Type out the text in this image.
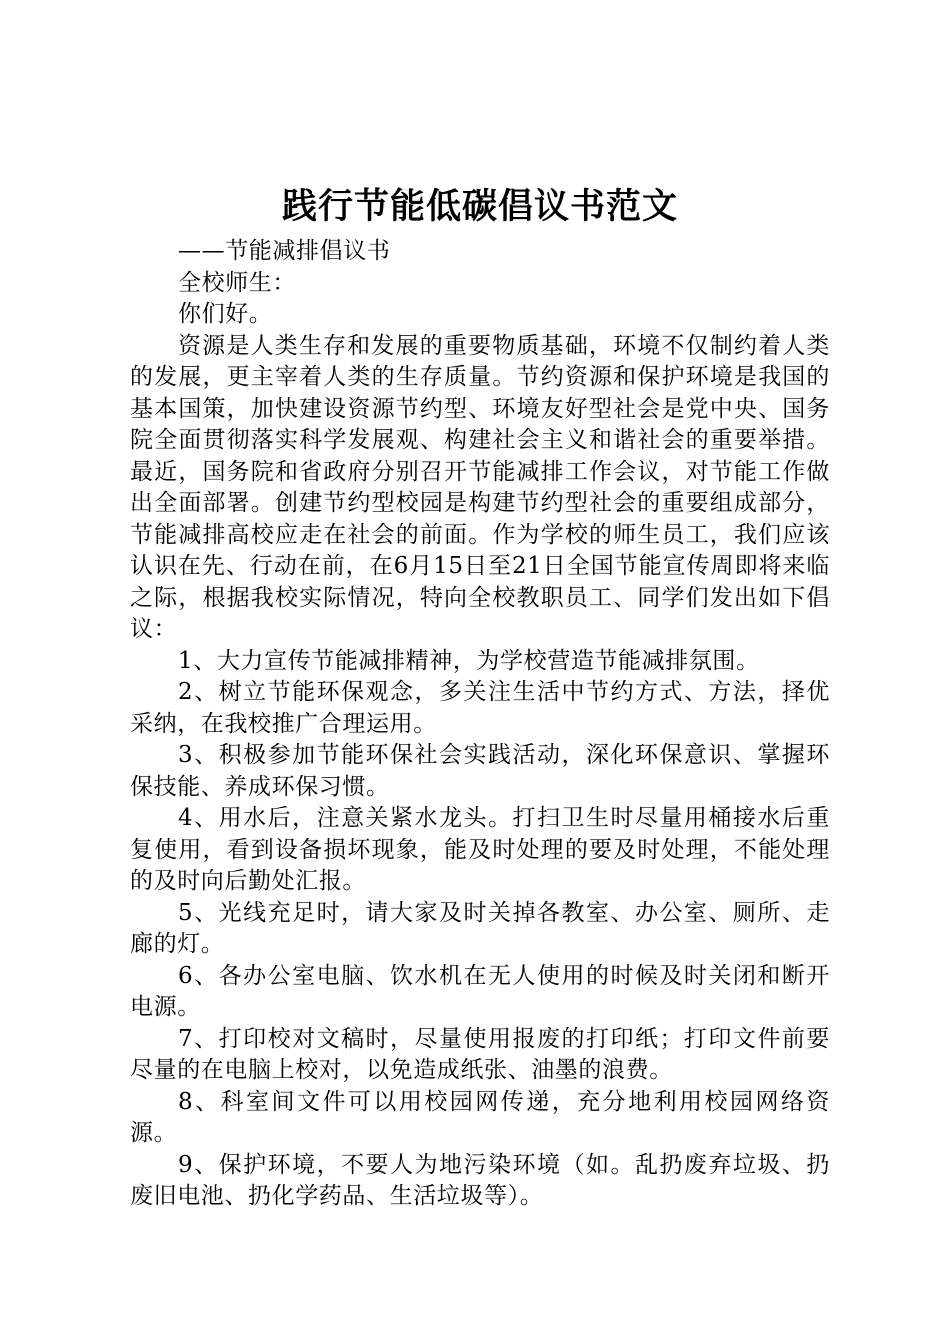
践行节能低碳倡议书范文

——节能减排倡议书

全校师生：

你们好。

资源是人类生存和发展的重要物质基础，环境不仅制约着人类的发展，更主宰着人类的生存质量。节约资源和保护环境是我国的基本国策，加快建设资源节约型、环境友好型社会是党中央、国务院全面贯彻落实科学发展观、构建社会主义和谐社会的重要举措。最近，国务院和省政府分别召开节能减排工作会议，对节能工作做出全面部署。创建节约型校园是构建节约型社会的重要组成部分，节能减排高校应走在社会的前面。作为学校的师生员工，我们应该认识在先、行动在前，在6月15日至21日全国节能宣传周即将来临之际，根据我校实际情况，特向全校教职员工、同学们发出如下倡议：

1、大力宣传节能减排精神，为学校营造节能减排氛围。

2、树立节能环保观念，多关注生活中节约方式、方法，择优采纳，在我校推广合理运用。

3、积极参加节能环保社会实践活动，深化环保意识、掌握环保技能、养成环保习惯。

4、用水后，注意关紧水龙头。打扫卫生时尽量用桶接水后重复使用，看到设备损坏现象，能及时处理的要及时处理，不能处理的及时向后勤处汇报。

5、光线充足时，请大家及时关掉各教室、办公室、厕所、走廊的灯。

6、各办公室电脑、饮水机在无人使用的时候及时关闭和断开电源。

7、打印校对文稿时，尽量使用报废的打印纸；打印文件前要尽量的在电脑上校对，以免造成纸张、油墨的浪费。

8、科室间文件可以用校园网传递，充分地利用校园网络资源。

9、保护环境，不要人为地污染环境（如。乱扔废弃垃圾、扔废旧电池、扔化学药品、生活垃圾等）。
